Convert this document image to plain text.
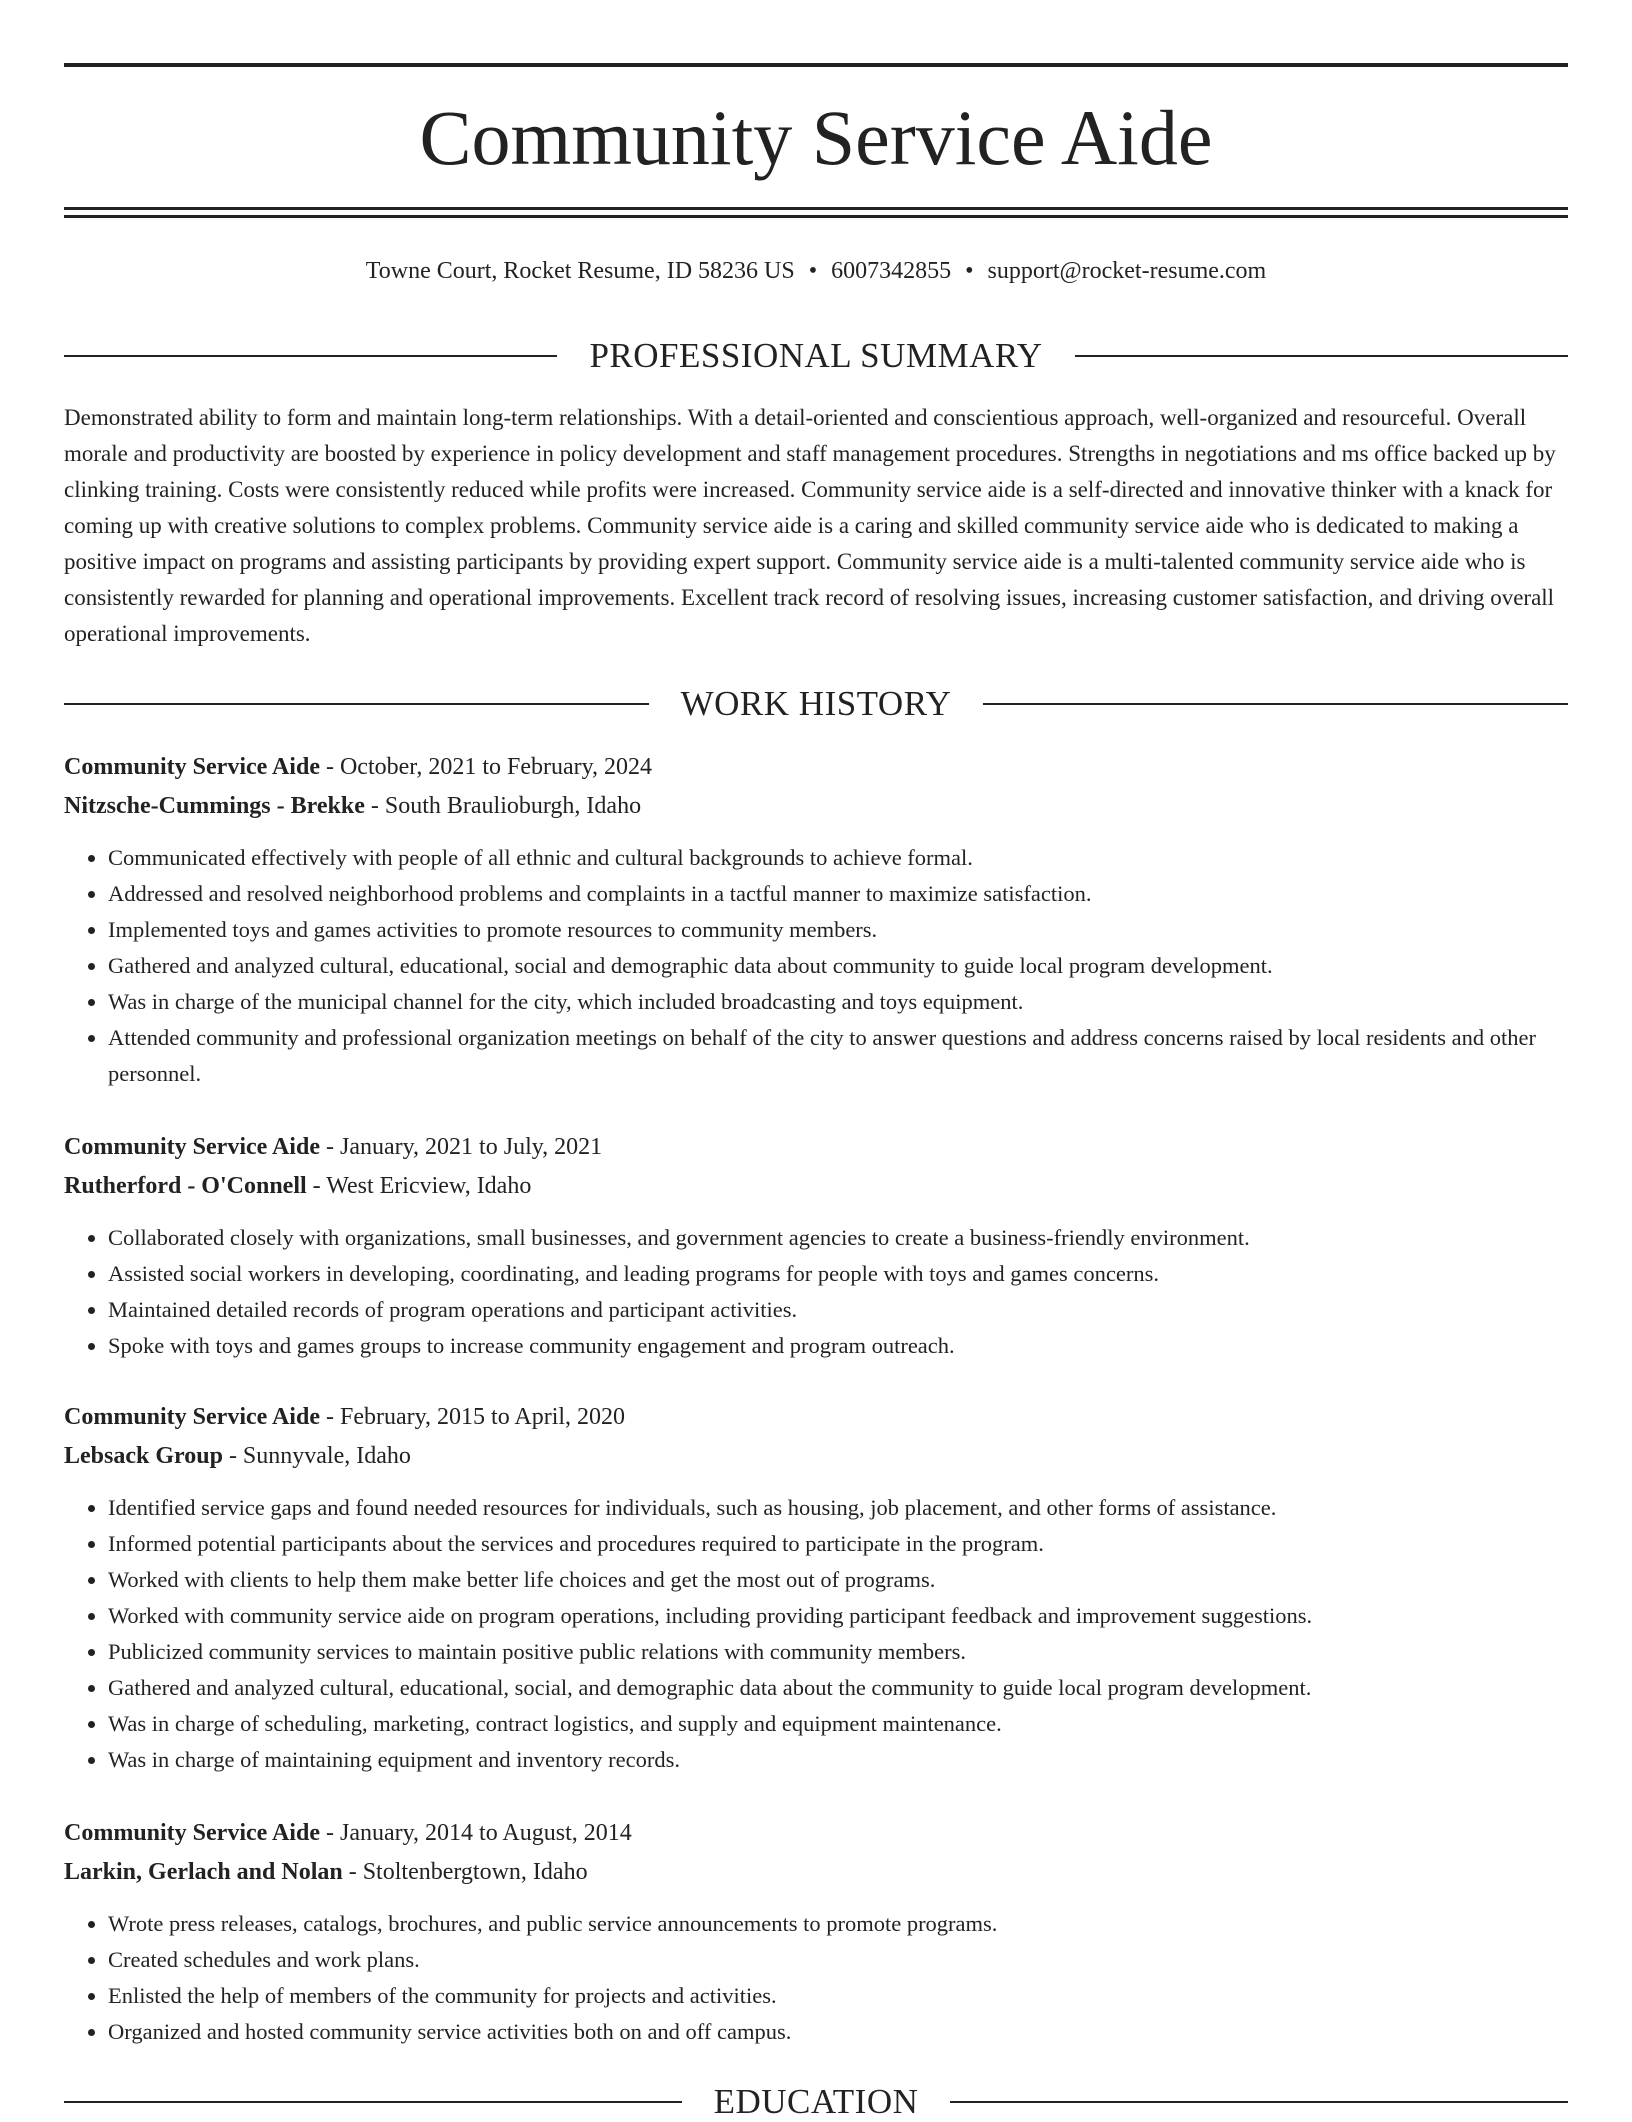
Community Service Aide
Towne Court, Rocket Resume, ID 58236 US • 6007342855 • support@rocket-resume.com
PROFESSIONAL SUMMARY

Demonstrated ability to form and maintain long-term relationships. With a detail-oriented and conscientious approach, well-organized and resourceful. Overall morale and productivity are boosted by experience in policy development and staff management procedures. Strengths in negotiations and ms office backed up by clinking training. Costs were consistently reduced while profits were increased. Community service aide is a self-directed and innovative thinker with a knack for coming up with creative solutions to complex problems. Community service aide is a caring and skilled community service aide who is dedicated to making a positive impact on programs and assisting participants by providing expert support. Community service aide is a multi-talented community service aide who is consistently rewarded for planning and operational improvements. Excellent track record of resolving issues, increasing customer satisfaction, and driving overall operational improvements.

WORK HISTORY
Community Service Aide - October, 2021 to February, 2024
Nitzsche-Cummings - Brekke - South Braulioburgh, Idaho
• Communicated effectively with people of all ethnic and cultural backgrounds to achieve formal.
• Addressed and resolved neighborhood problems and complaints in a tactful manner to maximize satisfaction.
• Implemented toys and games activities to promote resources to community members.
• Gathered and analyzed cultural, educational, social and demographic data about community to guide local program development.
• Was in charge of the municipal channel for the city, which included broadcasting and toys equipment.
• Attended community and professional organization meetings on behalf of the city to answer questions and address concerns raised by local residents and other personnel.
Community Service Aide - January, 2021 to July, 2021
Rutherford - O'Connell - West Ericview, Idaho
• Collaborated closely with organizations, small businesses, and government agencies to create a business-friendly environment.
• Assisted social workers in developing, coordinating, and leading programs for people with toys and games concerns.
• Maintained detailed records of program operations and participant activities.
• Spoke with toys and games groups to increase community engagement and program outreach.
Community Service Aide - February, 2015 to April, 2020
Lebsack Group - Sunnyvale, Idaho
• Identified service gaps and found needed resources for individuals, such as housing, job placement, and other forms of assistance.
• Informed potential participants about the services and procedures required to participate in the program.
• Worked with clients to help them make better life choices and get the most out of programs.
• Worked with community service aide on program operations, including providing participant feedback and improvement suggestions.
• Publicized community services to maintain positive public relations with community members.
• Gathered and analyzed cultural, educational, social, and demographic data about the community to guide local program development.
• Was in charge of scheduling, marketing, contract logistics, and supply and equipment maintenance.
• Was in charge of maintaining equipment and inventory records.
Community Service Aide - January, 2014 to August, 2014
Larkin, Gerlach and Nolan - Stoltenbergtown, Idaho
• Wrote press releases, catalogs, brochures, and public service announcements to promote programs.
• Created schedules and work plans.
• Enlisted the help of members of the community for projects and activities.
• Organized and hosted community service activities both on and off campus.
EDUCATION
